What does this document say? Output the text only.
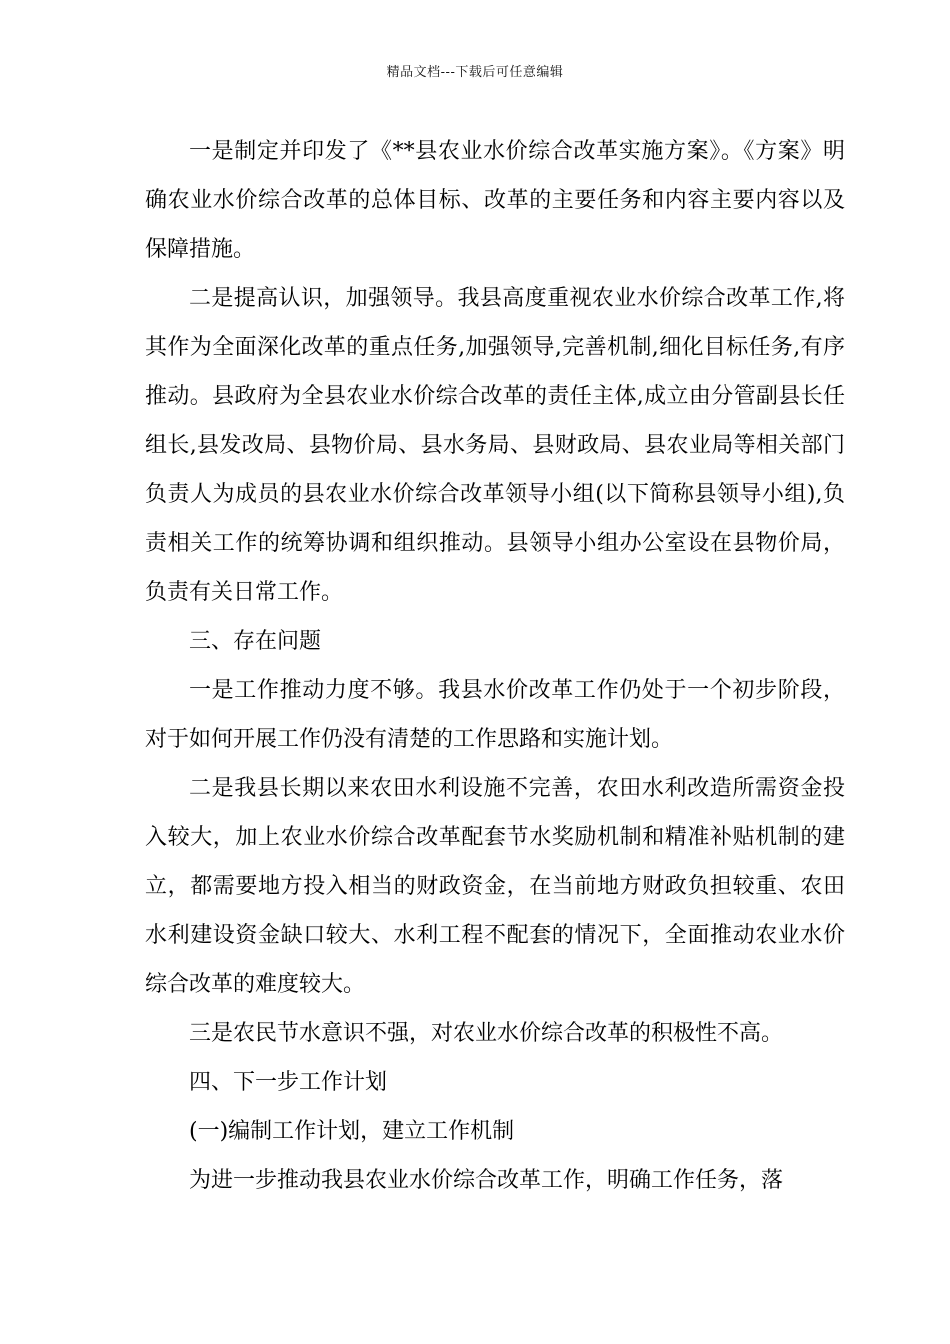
精品文档---下载后可任意编辑

一是制定并印发了《**县农业水价综合改革实施方案》。《方案》明确农业水价综合改革的总体目标、改革的主要任务和内容主要内容以及保障措施。

二是提高认识，加强领导。我县高度重视农业水价综合改革工作,将其作为全面深化改革的重点任务,加强领导,完善机制,细化目标任务,有序推动。县政府为全县农业水价综合改革的责任主体,成立由分管副县长任组长,县发改局、县物价局、县水务局、县财政局、县农业局等相关部门负责人为成员的县农业水价综合改革领导小组(以下简称县领导小组),负责相关工作的统筹协调和组织推动。县领导小组办公室设在县物价局，负责有关日常工作。

三、存在问题

一是工作推动力度不够。我县水价改革工作仍处于一个初步阶段，对于如何开展工作仍没有清楚的工作思路和实施计划。

二是我县长期以来农田水利设施不完善，农田水利改造所需资金投入较大，加上农业水价综合改革配套节水奖励机制和精准补贴机制的建立，都需要地方投入相当的财政资金，在当前地方财政负担较重、农田水利建设资金缺口较大、水利工程不配套的情况下，全面推动农业水价综合改革的难度较大。

三是农民节水意识不强，对农业水价综合改革的积极性不高。

四、下一步工作计划

(一)编制工作计划，建立工作机制

为进一步推动我县农业水价综合改革工作，明确工作任务，落
